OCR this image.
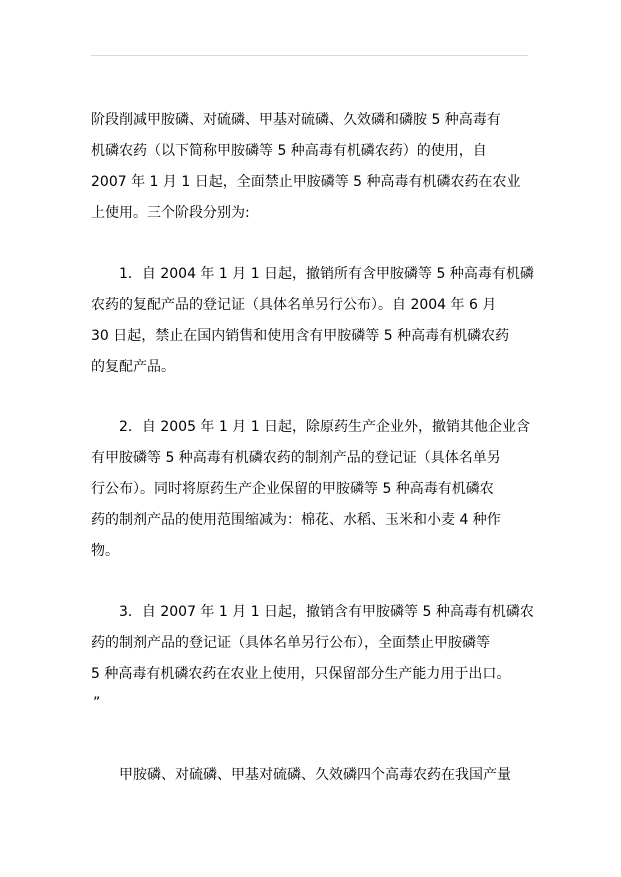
阶段削减甲胺磷、对硫磷、甲基对硫磷、久效磷和磷胺 5 种高毒有
机磷农药（以下简称甲胺磷等 5 种高毒有机磷农药）的使用，自
2007 年 1 月 1 日起，全面禁止甲胺磷等 5 种高毒有机磷农药在农业
上使用。三个阶段分别为:
1．自 2004 年 1 月 1 日起，撤销所有含甲胺磷等 5 种高毒有机磷
农药的复配产品的登记证（具体名单另行公布）。自 2004 年 6 月
30 日起，禁止在国内销售和使用含有甲胺磷等 5 种高毒有机磷农药
的复配产品。
2．自 2005 年 1 月 1 日起，除原药生产企业外，撤销其他企业含
有甲胺磷等 5 种高毒有机磷农药的制剂产品的登记证（具体名单另
行公布）。同时将原药生产企业保留的甲胺磷等 5 种高毒有机磷农
药的制剂产品的使用范围缩减为：棉花、水稻、玉米和小麦 4 种作
物。
3．自 2007 年 1 月 1 日起，撤销含有甲胺磷等 5 种高毒有机磷农
药的制剂产品的登记证（具体名单另行公布），全面禁止甲胺磷等
5 种高毒有机磷农药在农业上使用，只保留部分生产能力用于出口。
”
甲胺磷、对硫磷、甲基对硫磷、久效磷四个高毒农药在我国产量
